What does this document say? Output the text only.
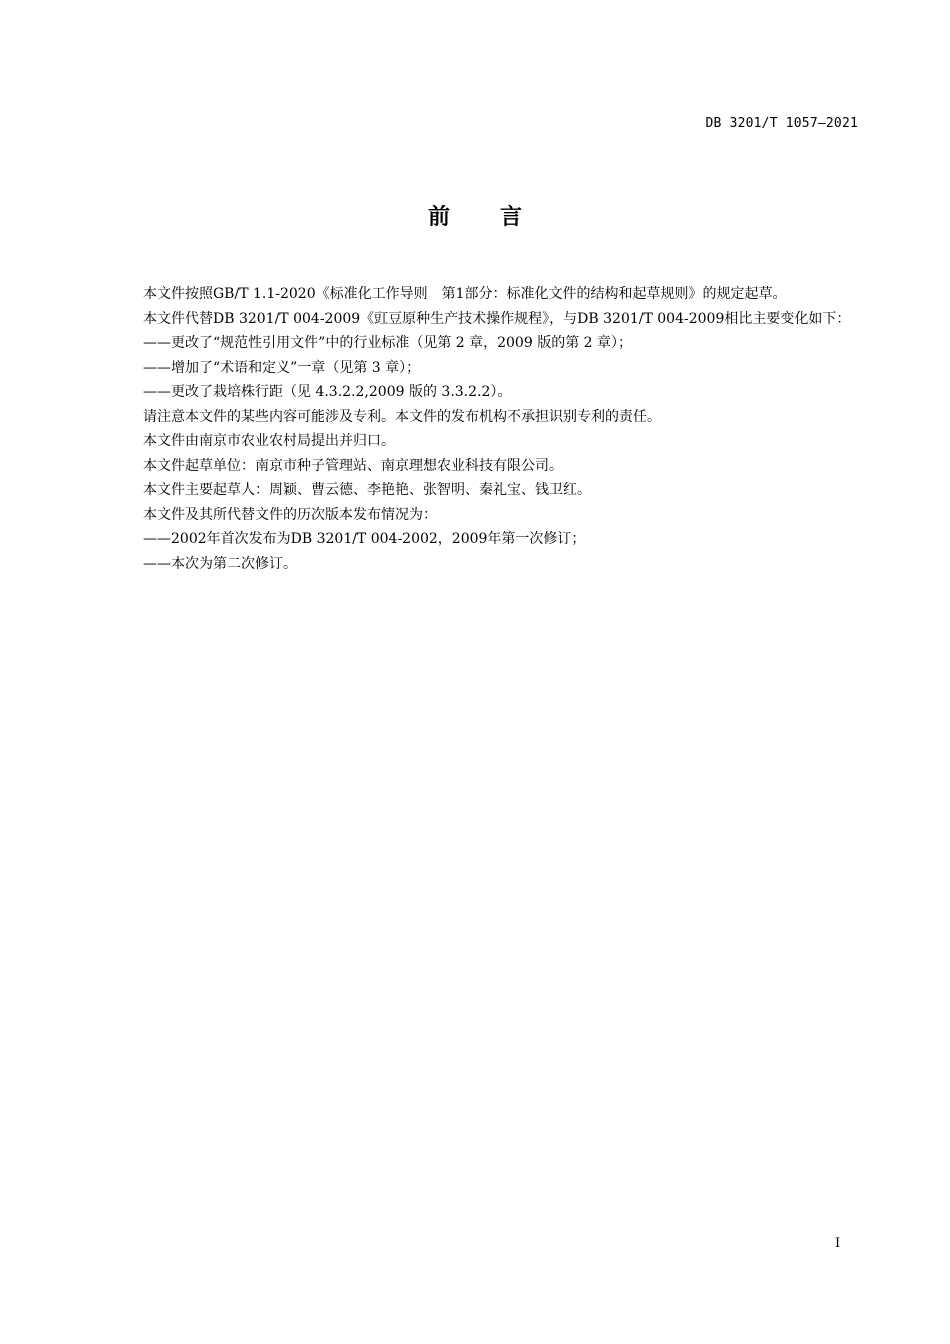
DB 3201/T 1057—2021
前言

本文件按照GB/T 1.1-2020《标准化工作导则　第1部分：标准化文件的结构和起草规则》的规定起草。

本文件代替DB 3201/T 004-2009《豇豆原种生产技术操作规程》，与DB 3201/T 004-2009相比主要变化如下：

——更改了“规范性引用文件”中的行业标准（见第 2 章，2009 版的第 2 章）；

——增加了“术语和定义”一章（见第 3 章）；

——更改了栽培株行距（见 4.3.2.2,2009 版的 3.3.2.2）。

请注意本文件的某些内容可能涉及专利。本文件的发布机构不承担识别专利的责任。

本文件由南京市农业农村局提出并归口。

本文件起草单位：南京市种子管理站、南京理想农业科技有限公司。

本文件主要起草人：周颖、曹云德、李艳艳、张智明、秦礼宝、钱卫红。

本文件及其所代替文件的历次版本发布情况为：

——2002年首次发布为DB 3201/T 004-2002，2009年第一次修订；

——本次为第二次修订。

I
